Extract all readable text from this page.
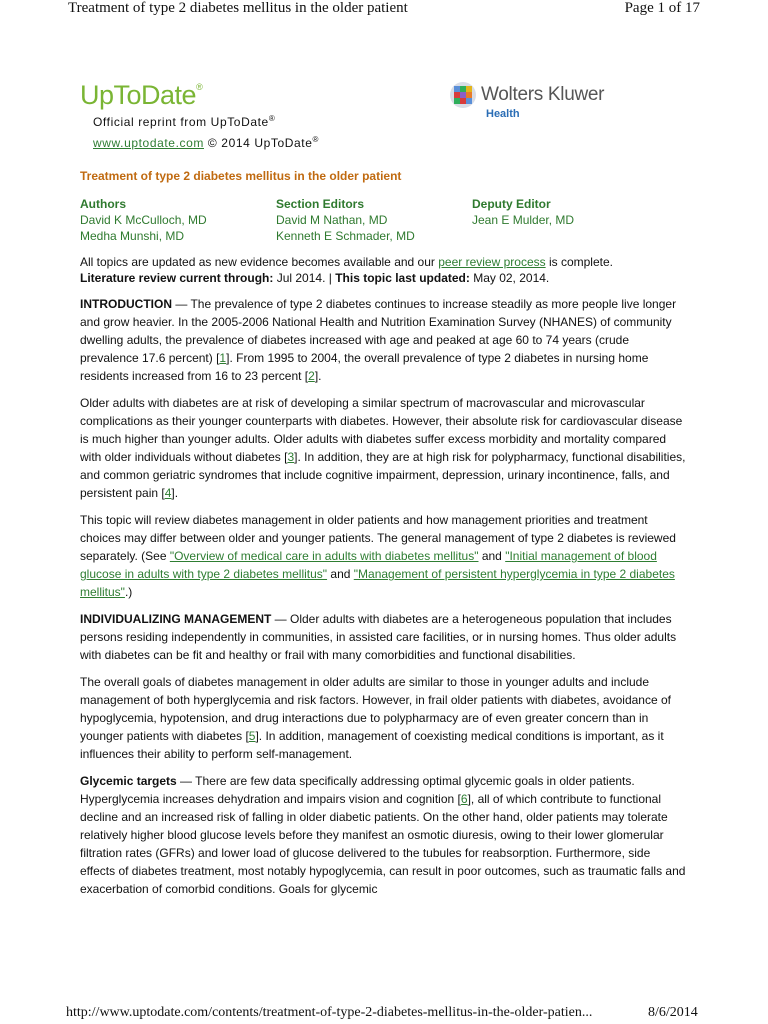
Treatment of type 2 diabetes mellitus in the older patient	Page 1 of 17
UpToDate®
Official reprint from UpToDate®
www.uptodate.com © 2014 UpToDate®
Wolters Kluwer
Health
Treatment of type 2 diabetes mellitus in the older patient
Authors
David K McCulloch, MD
Medha Munshi, MD
Section Editors
David M Nathan, MD
Kenneth E Schmader, MD
Deputy Editor
Jean E Mulder, MD
All topics are updated as new evidence becomes available and our peer review process is complete.
Literature review current through: Jul 2014. | This topic last updated: May 02, 2014.

INTRODUCTION — The prevalence of type 2 diabetes continues to increase steadily as more people live longer and grow heavier. In the 2005-2006 National Health and Nutrition Examination Survey (NHANES) of community dwelling adults, the prevalence of diabetes increased with age and peaked at age 60 to 74 years (crude prevalence 17.6 percent) [1]. From 1995 to 2004, the overall prevalence of type 2 diabetes in nursing home residents increased from 16 to 23 percent [2].

Older adults with diabetes are at risk of developing a similar spectrum of macrovascular and microvascular complications as their younger counterparts with diabetes. However, their absolute risk for cardiovascular disease is much higher than younger adults. Older adults with diabetes suffer excess morbidity and mortality compared with older individuals without diabetes [3]. In addition, they are at high risk for polypharmacy, functional disabilities, and common geriatric syndromes that include cognitive impairment, depression, urinary incontinence, falls, and persistent pain [4].

This topic will review diabetes management in older patients and how management priorities and treatment choices may differ between older and younger patients. The general management of type 2 diabetes is reviewed separately. (See "Overview of medical care in adults with diabetes mellitus" and "Initial management of blood glucose in adults with type 2 diabetes mellitus" and "Management of persistent hyperglycemia in type 2 diabetes mellitus".)

INDIVIDUALIZING MANAGEMENT — Older adults with diabetes are a heterogeneous population that includes persons residing independently in communities, in assisted care facilities, or in nursing homes. Thus older adults with diabetes can be fit and healthy or frail with many comorbidities and functional disabilities.

The overall goals of diabetes management in older adults are similar to those in younger adults and include management of both hyperglycemia and risk factors. However, in frail older patients with diabetes, avoidance of hypoglycemia, hypotension, and drug interactions due to polypharmacy are of even greater concern than in younger patients with diabetes [5]. In addition, management of coexisting medical conditions is important, as it influences their ability to perform self-management.

Glycemic targets — There are few data specifically addressing optimal glycemic goals in older patients. Hyperglycemia increases dehydration and impairs vision and cognition [6], all of which contribute to functional decline and an increased risk of falling in older diabetic patients. On the other hand, older patients may tolerate relatively higher blood glucose levels before they manifest an osmotic diuresis, owing to their lower glomerular filtration rates (GFRs) and lower load of glucose delivered to the tubules for reabsorption. Furthermore, side effects of diabetes treatment, most notably hypoglycemia, can result in poor outcomes, such as traumatic falls and exacerbation of comorbid conditions. Goals for glycemic

http://www.uptodate.com/contents/treatment-of-type-2-diabetes-mellitus-in-the-older-patien...	8/6/2014
